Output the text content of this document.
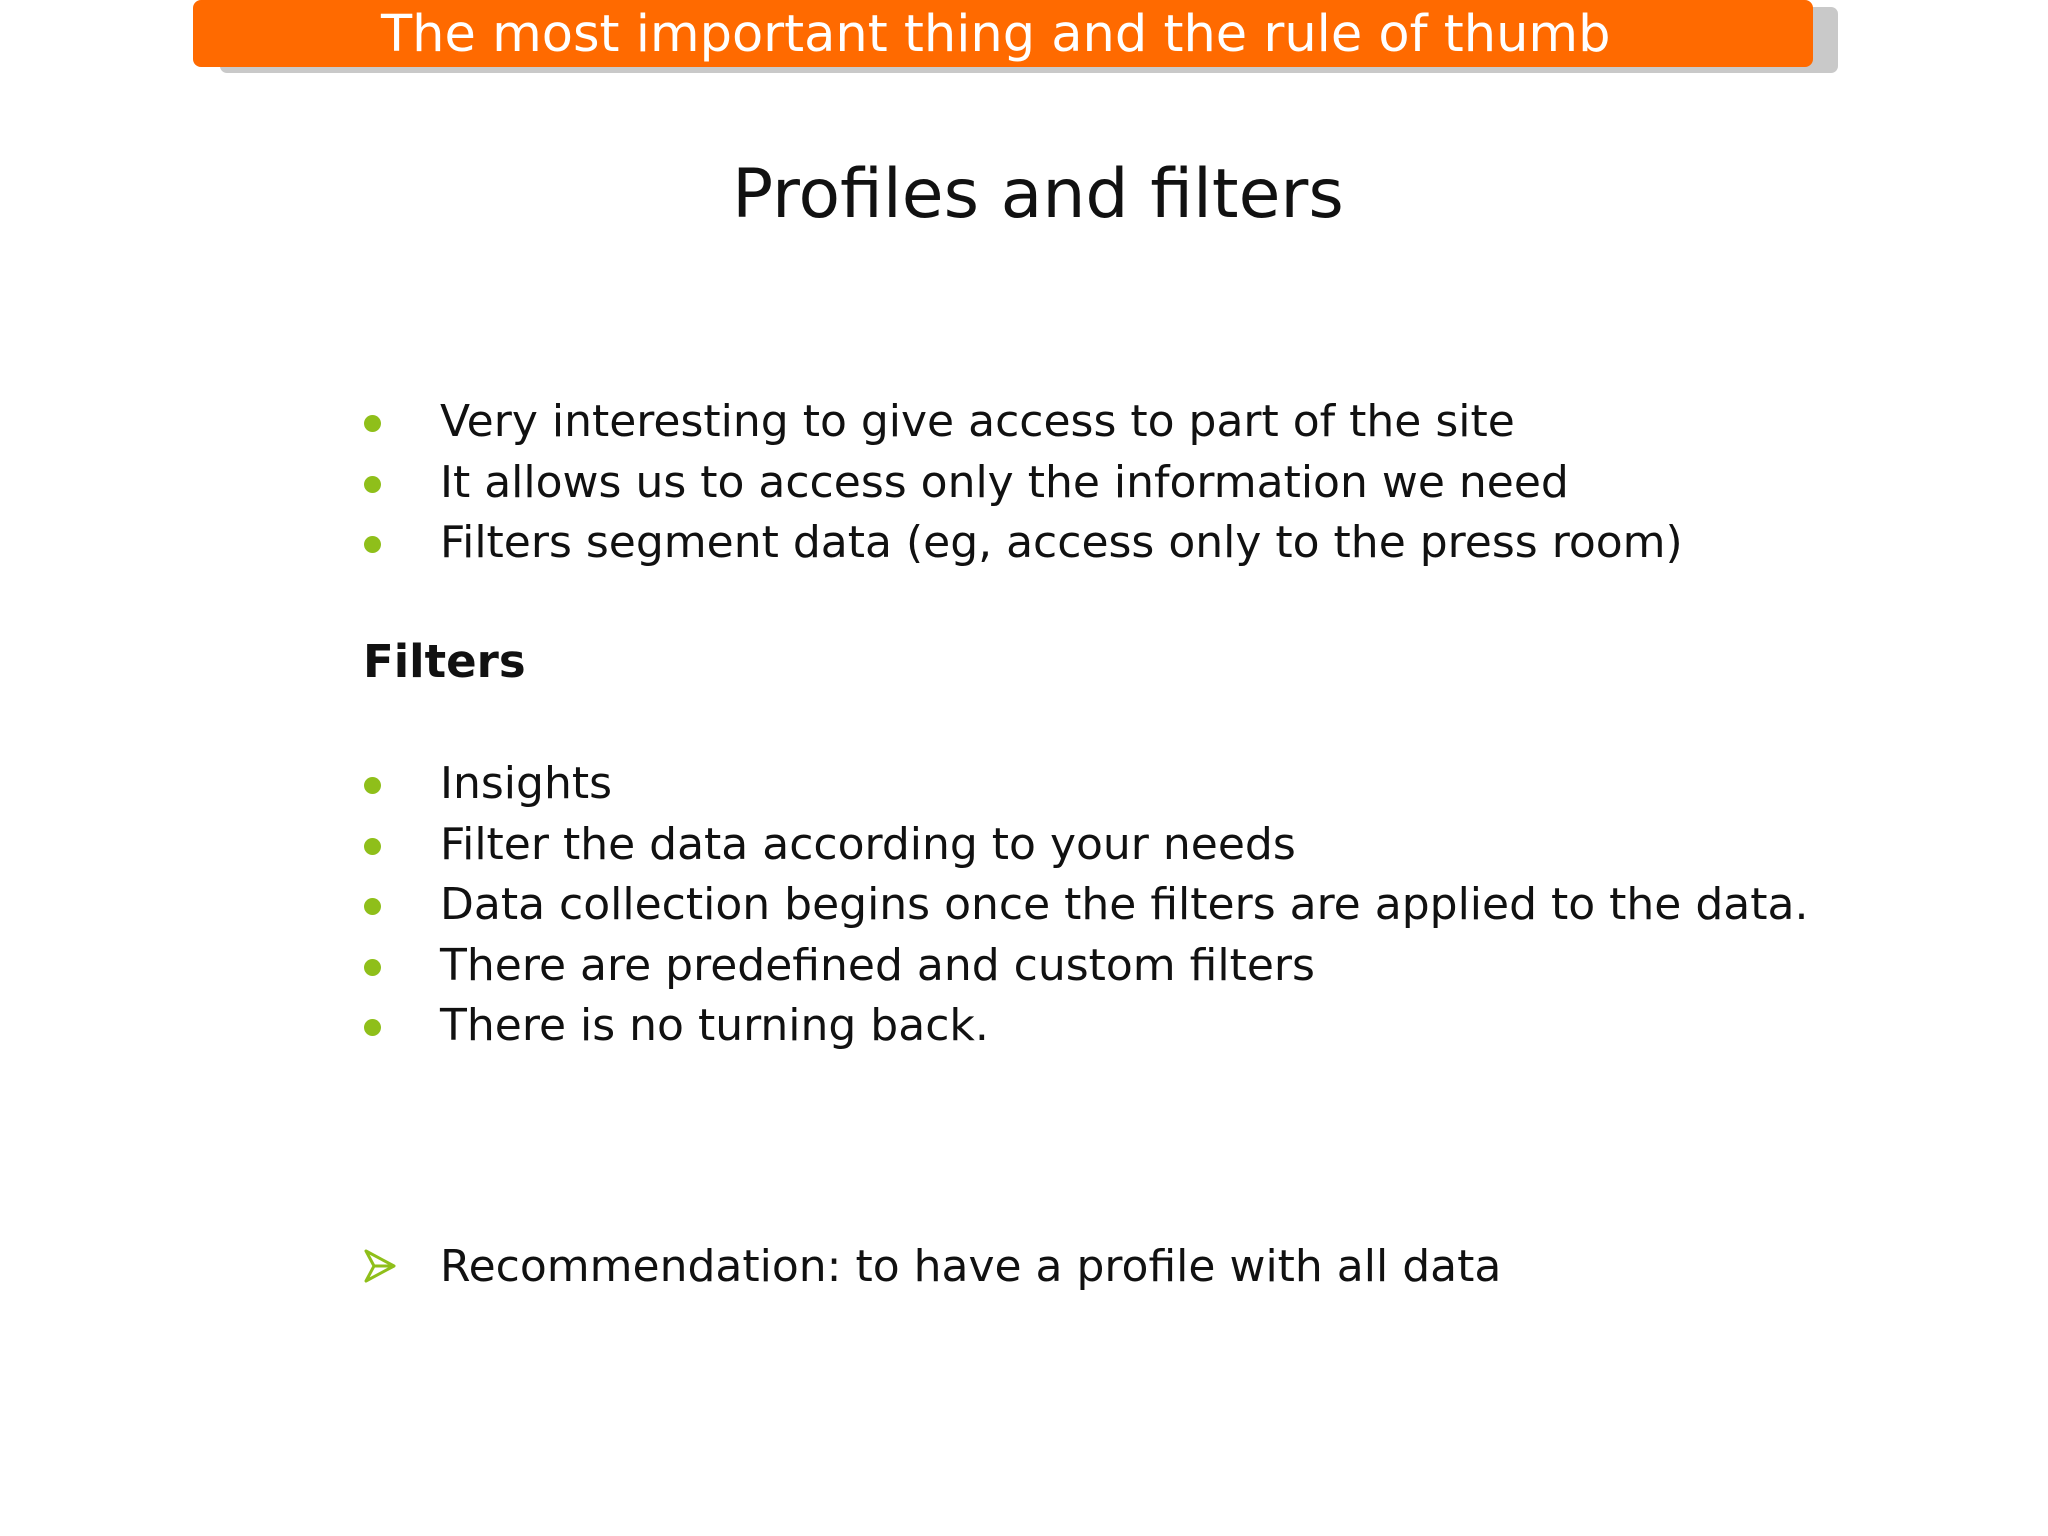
The most important thing and the rule of thumb
Profiles and filters
Very interesting to give access to part of the site
It allows us to access only the information we need
Filters segment data (eg, access only to the press room)
Filters
Insights
Filter the data according to your needs
Data collection begins once the filters are applied to the data.
There are predefined and custom filters
There is no turning back.
Recommendation: to have a profile with all data
